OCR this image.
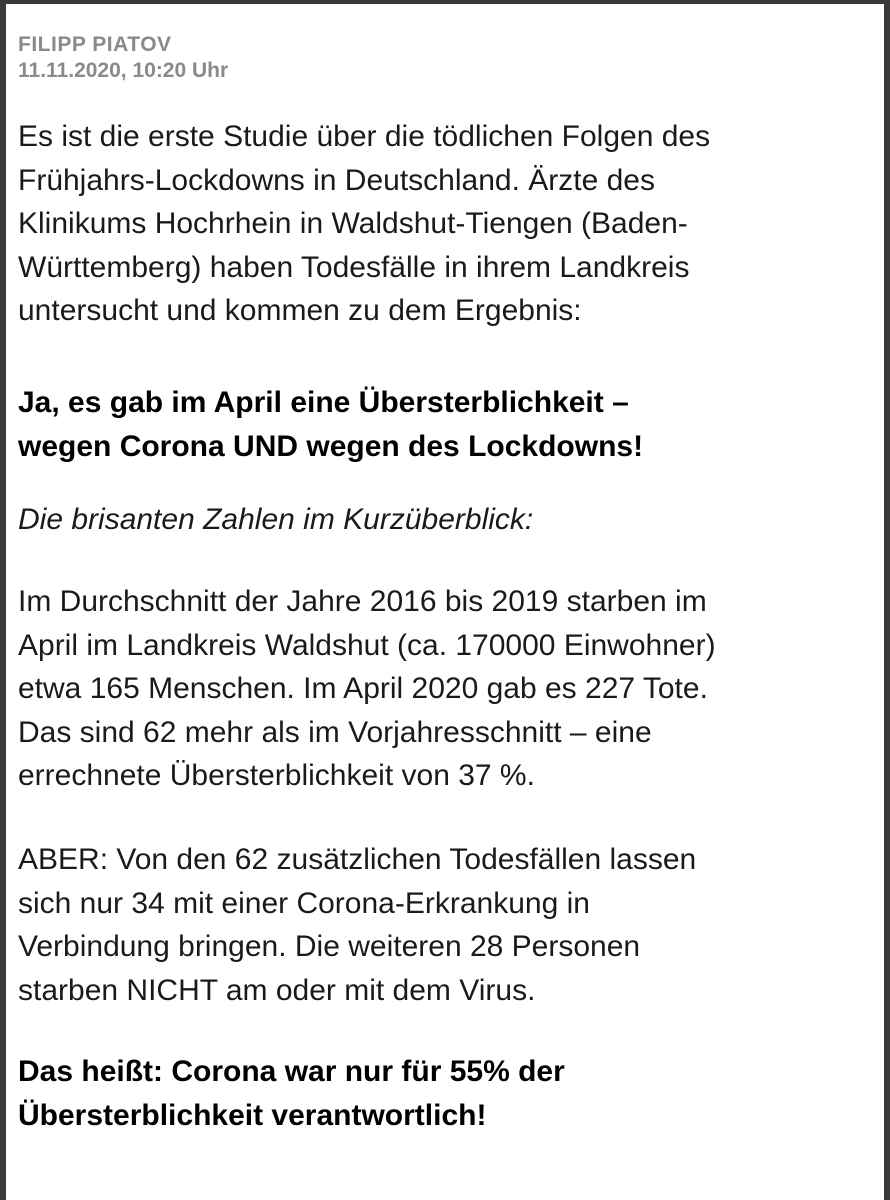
FILIPP PIATOV
11.11.2020, 10:20 Uhr

Es ist die erste Studie über die tödlichen Folgen des
Frühjahrs-Lockdowns in Deutschland. Ärzte des
Klinikums Hochrhein in Waldshut-Tiengen (Baden-
Württemberg) haben Todesfälle in ihrem Landkreis
untersucht und kommen zu dem Ergebnis:

Ja, es gab im April eine Übersterblichkeit –
wegen Corona UND wegen des Lockdowns!

Die brisanten Zahlen im Kurzüberblick:

Im Durchschnitt der Jahre 2016 bis 2019 starben im
April im Landkreis Waldshut (ca. 170000 Einwohner)
etwa 165 Menschen. Im April 2020 gab es 227 Tote.
Das sind 62 mehr als im Vorjahresschnitt – eine
errechnete Übersterblichkeit von 37 %.

ABER: Von den 62 zusätzlichen Todesfällen lassen
sich nur 34 mit einer Corona-Erkrankung in
Verbindung bringen. Die weiteren 28 Personen
starben NICHT am oder mit dem Virus.

Das heißt: Corona war nur für 55% der
Übersterblichkeit verantwortlich!
